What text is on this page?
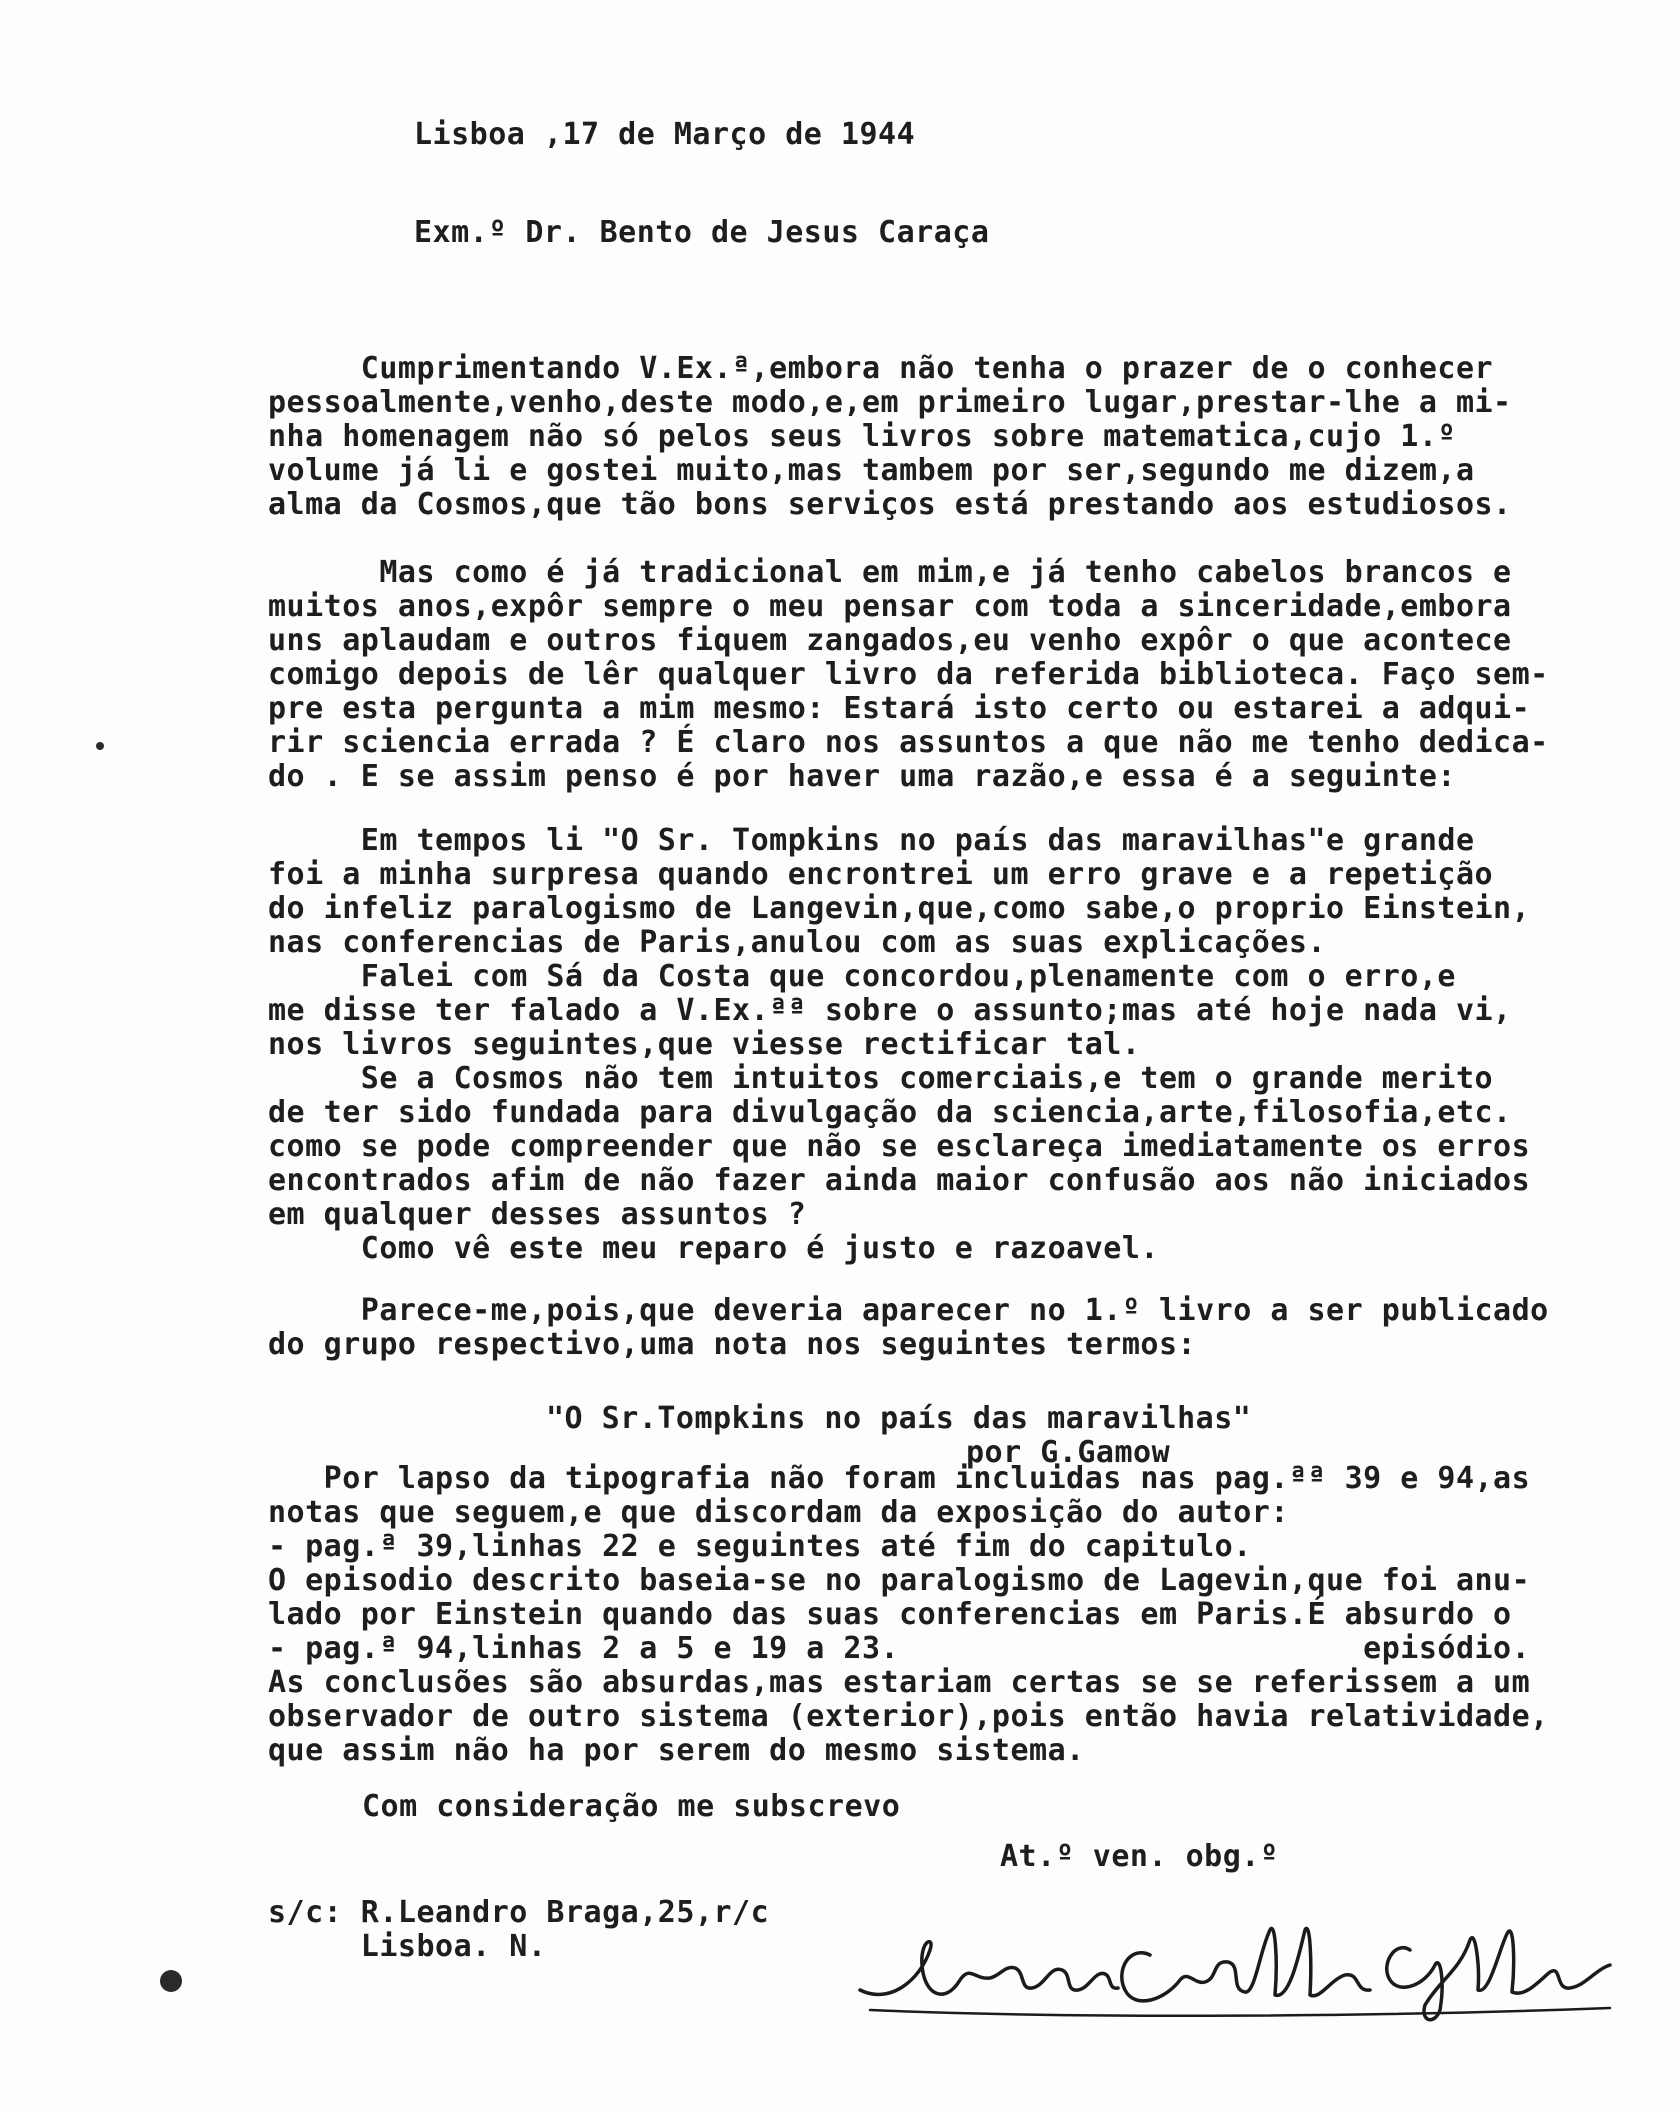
Lisboa ,17 de Março de 1944
Exm.º Dr. Bento de Jesus Caraça
Cumprimentando V.Ex.ª,embora não tenha o prazer de o conhecer
pessoalmente,venho,deste modo,e,em primeiro lugar,prestar-lhe a mi-
nha homenagem não só pelos seus livros sobre matematica,cujo 1.º
volume já li e gostei muito,mas tambem por ser,segundo me dizem,a
alma da Cosmos,que tão bons serviços está prestando aos estudiosos.
Mas como é já tradicional em mim,e já tenho cabelos brancos e
muitos anos,expôr sempre o meu pensar com toda a sinceridade,embora
uns aplaudam e outros fiquem zangados,eu venho expôr o que acontece
comigo depois de lêr qualquer livro da referida biblioteca. Faço sem-
pre esta pergunta a mim mesmo: Estará isto certo ou estarei a adqui-
rir sciencia errada ? É claro nos assuntos a que não me tenho dedica-
do . E se assim penso é por haver uma razão,e essa é a seguinte:
Em tempos li "O Sr. Tompkins no país das maravilhas"e grande
foi a minha surpresa quando encrontrei um erro grave e a repetição
do infeliz paralogismo de Langevin,que,como sabe,o proprio Einstein,
nas conferencias de Paris,anulou com as suas explicações.
Falei com Sá da Costa que concordou,plenamente com o erro,e
me disse ter falado a V.Ex.ªª sobre o assunto;mas até hoje nada vi,
nos livros seguintes,que viesse rectificar tal.
Se a Cosmos não tem intuitos comerciais,e tem o grande merito
de ter sido fundada para divulgação da sciencia,arte,filosofia,etc.
como se pode compreender que não se esclareça imediatamente os erros
encontrados afim de não fazer ainda maior confusão aos não iniciados
em qualquer desses assuntos ?
Como vê este meu reparo é justo e razoavel.
Parece-me,pois,que deveria aparecer no 1.º livro a ser publicado
do grupo respectivo,uma nota nos seguintes termos:
"O Sr.Tompkins no país das maravilhas"
por G.Gamow
Por lapso da tipografia não foram incluidas nas pag.ªª 39 e 94,as
notas que seguem,e que discordam da exposição do autor:
- pag.ª 39,linhas 22 e seguintes até fim do capitulo.
O episodio descrito baseia-se no paralogismo de Lagevin,que foi anu-
lado por Einstein quando das suas conferencias em Paris.É absurdo o
- pag.ª 94,linhas 2 a 5 e 19 a 23.                         episódio.
As conclusões são absurdas,mas estariam certas se se referissem a um
observador de outro sistema (exterior),pois então havia relatividade,
que assim não ha por serem do mesmo sistema.
Com consideração me subscrevo
At.º ven. obg.º
s/c: R.Leandro Braga,25,r/c
Lisboa. N.
